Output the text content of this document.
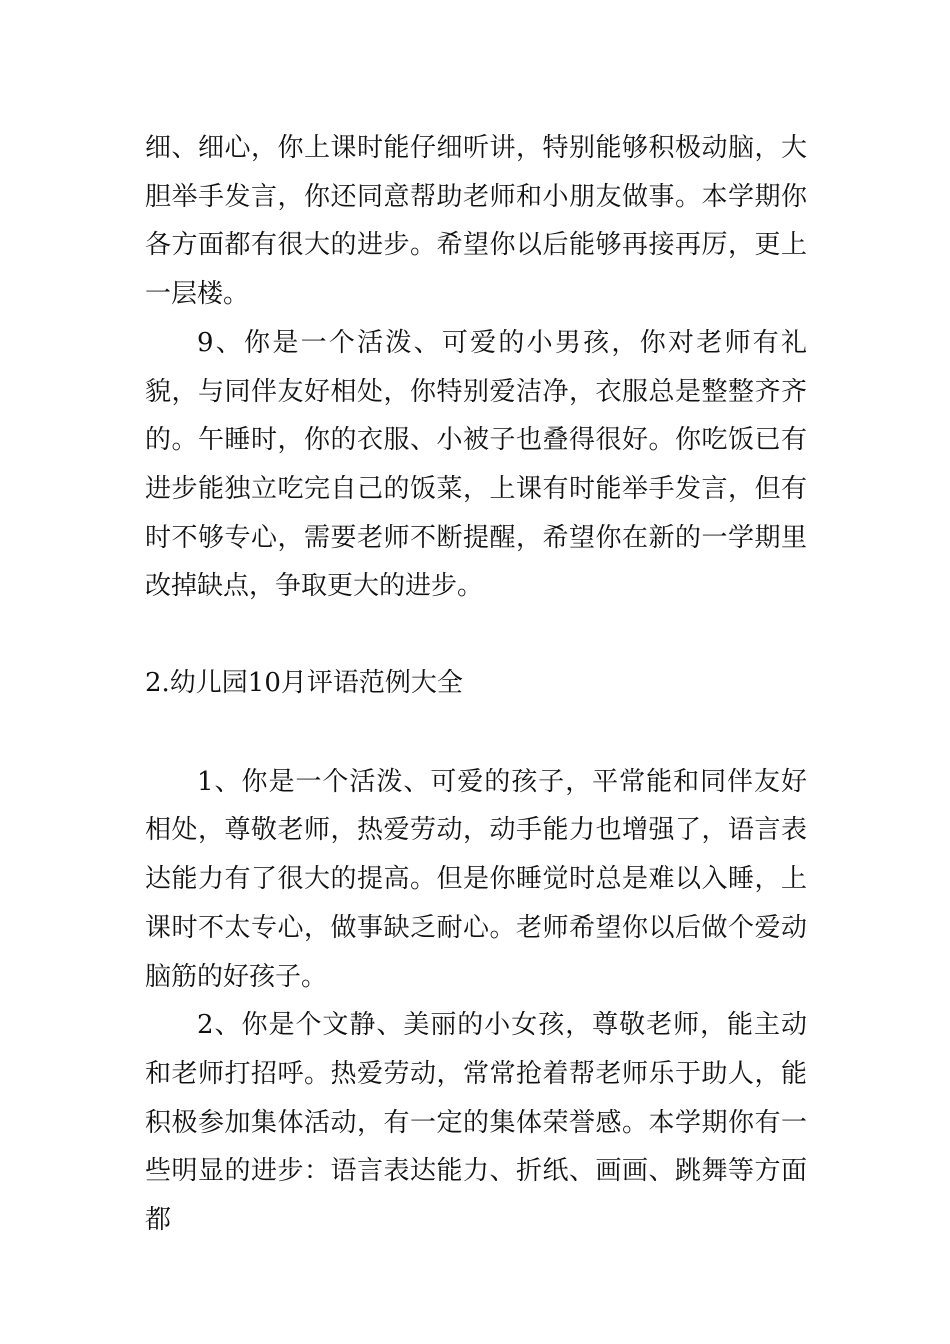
细、细心，你上课时能仔细听讲，特别能够积极动脑，大胆举手发言，你还同意帮助老师和小朋友做事。本学期你各方面都有很大的进步。希望你以后能够再接再厉，更上一层楼。

9、你是一个活泼、可爱的小男孩，你对老师有礼貌，与同伴友好相处，你特别爱洁净，衣服总是整整齐齐的。午睡时，你的衣服、小被子也叠得很好。你吃饭已有进步能独立吃完自己的饭菜，上课有时能举手发言，但有时不够专心，需要老师不断提醒，希望你在新的一学期里改掉缺点，争取更大的进步。

2.幼儿园10月评语范例大全

1、你是一个活泼、可爱的孩子，平常能和同伴友好相处，尊敬老师，热爱劳动，动手能力也增强了，语言表达能力有了很大的提高。但是你睡觉时总是难以入睡，上课时不太专心，做事缺乏耐心。老师希望你以后做个爱动脑筋的好孩子。

2、你是个文静、美丽的小女孩，尊敬老师，能主动和老师打招呼。热爱劳动，常常抢着帮老师乐于助人，能积极参加集体活动，有一定的集体荣誉感。本学期你有一些明显的进步：语言表达能力、折纸、画画、跳舞等方面都
